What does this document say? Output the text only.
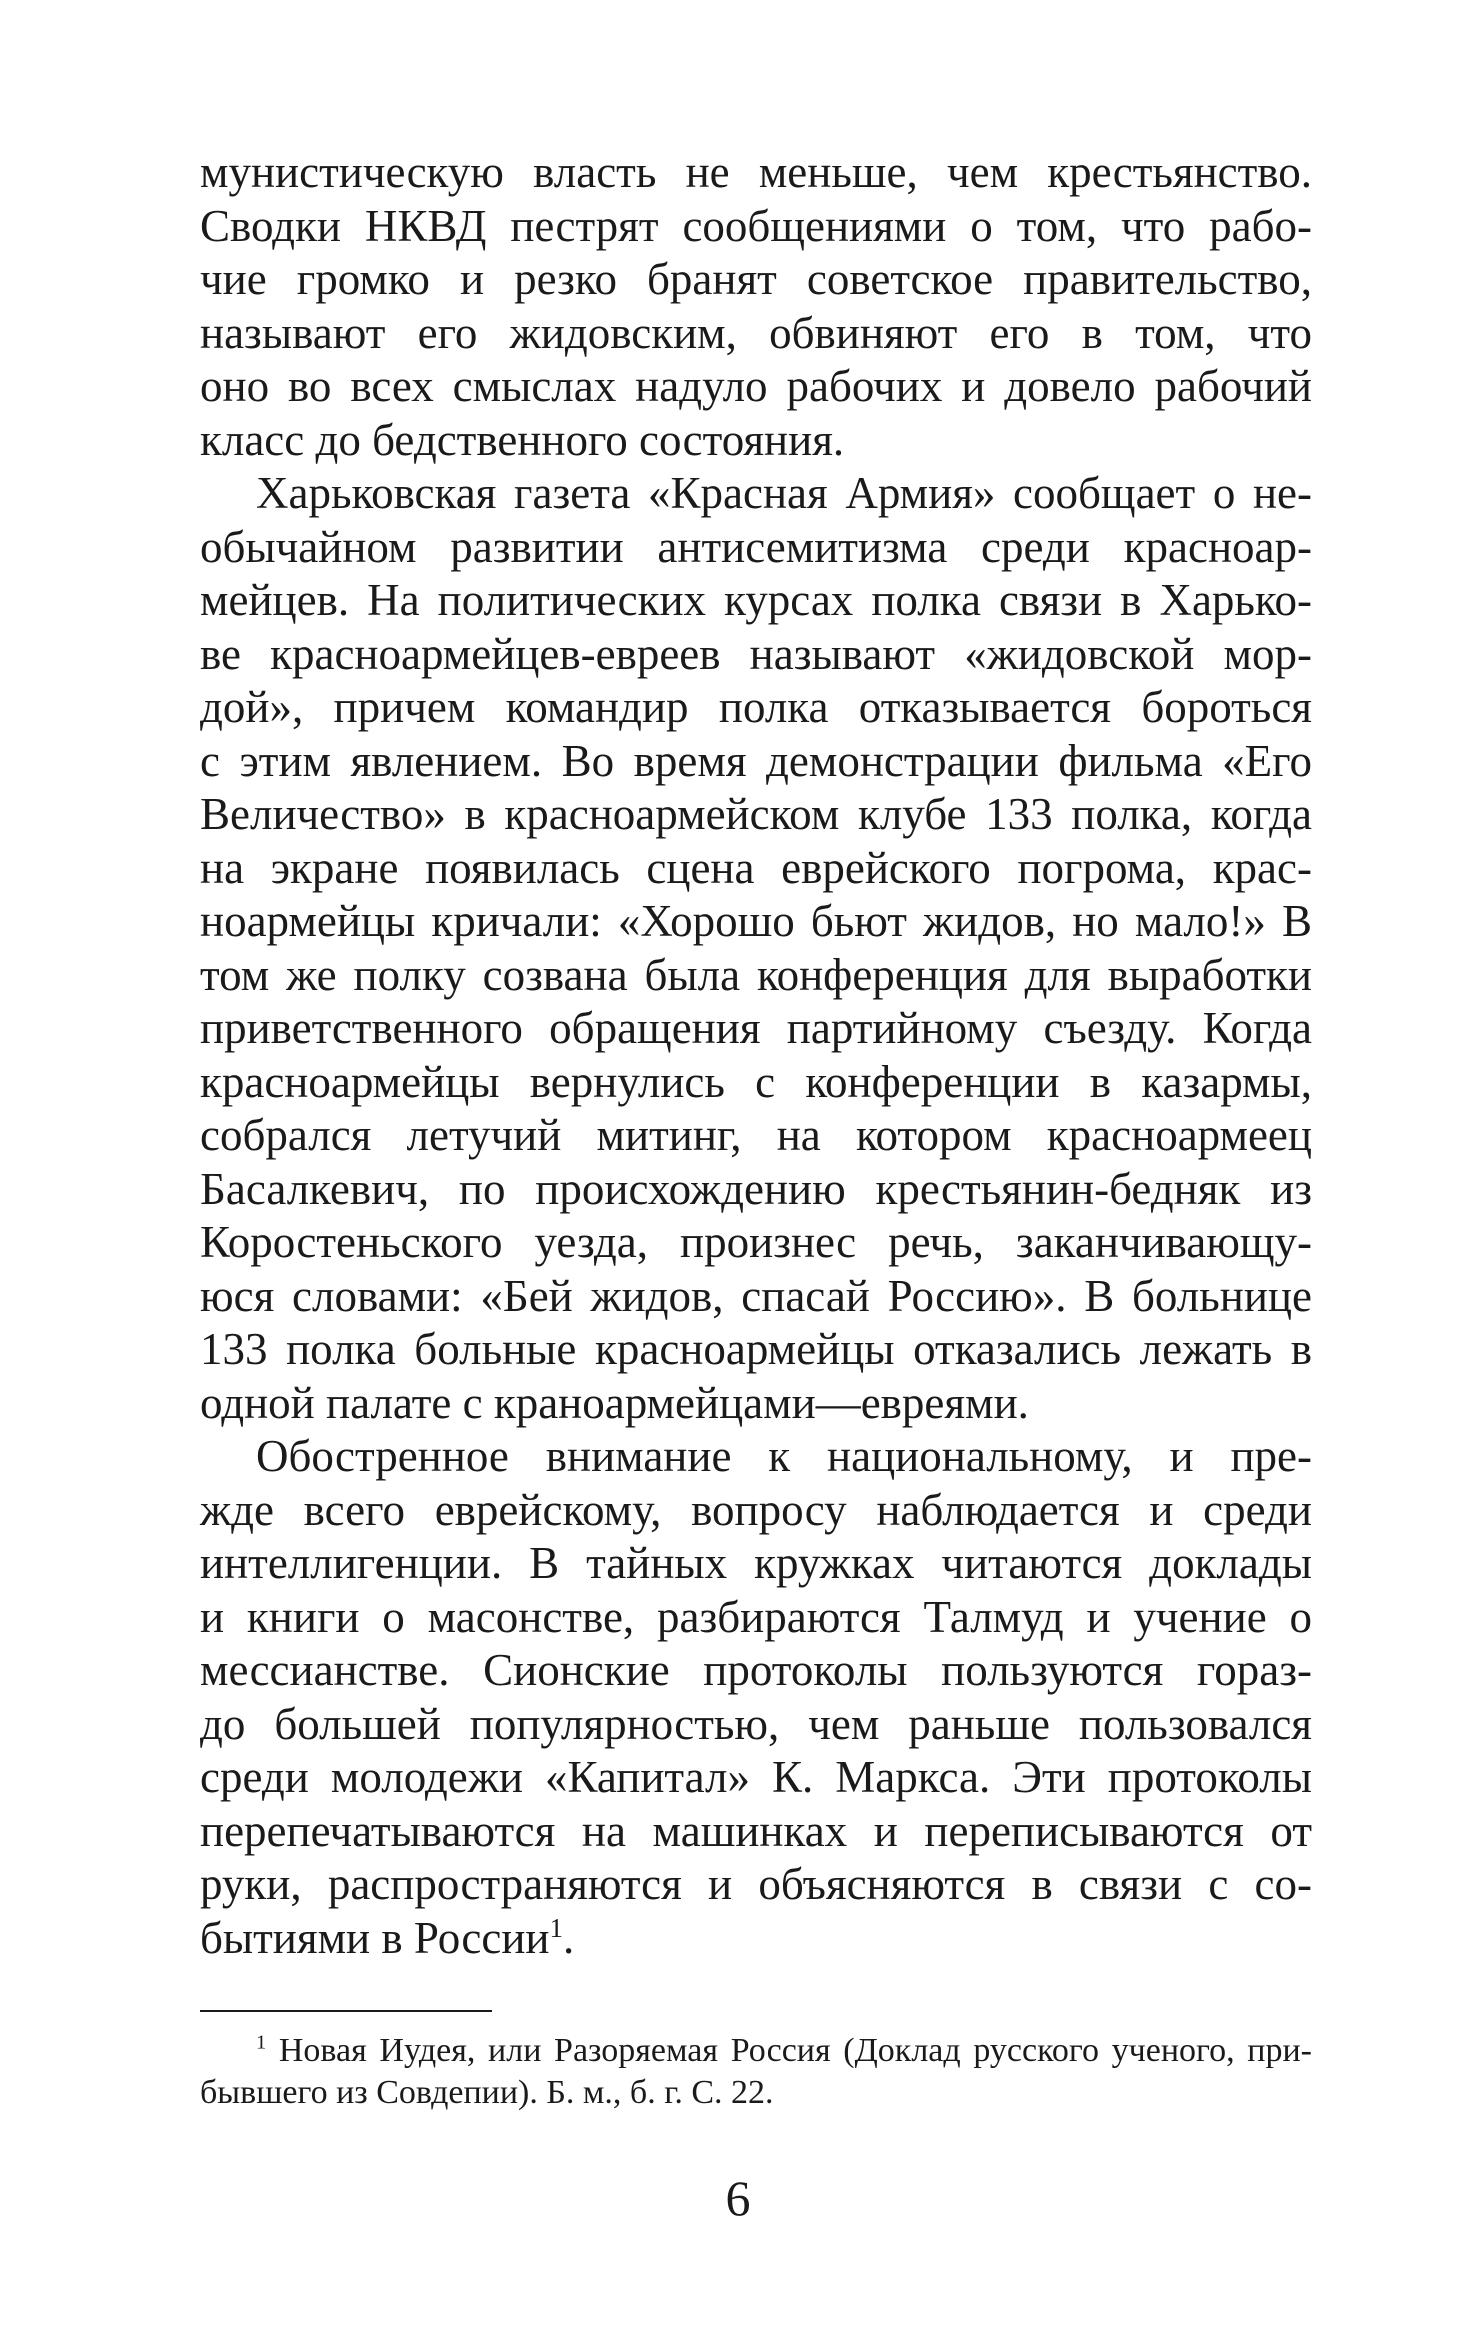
мунистическую власть не меньше, чем крестьянство.
Сводки НКВД пестрят сообщениями о том, что рабо-
чие громко и резко бранят советское правительство,
называют его жидовским, обвиняют его в том, что
оно во всех смыслах надуло рабочих и довело рабочий
класс до бедственного состояния.
Харьковская газета «Красная Армия» сообщает о не-
обычайном развитии антисемитизма среди красноар-
мейцев. На политических курсах полка связи в Харько-
ве красноармейцев-евреев называют «жидовской мор-
дой», причем командир полка отказывается бороться
с этим явлением. Во время демонстрации фильма «Его
Величество» в красноармейском клубе 133 полка, когда
на экране появилась сцена еврейского погрома, крас-
ноармейцы кричали: «Хорошо бьют жидов, но мало!» В
том же полку созвана была конференция для выработки
приветственного обращения партийному съезду. Когда
красноармейцы вернулись с конференции в казармы,
собрался летучий митинг, на котором красноармеец
Басалкевич, по происхождению крестьянин-бедняк из
Коростеньского уезда, произнес речь, заканчивающу-
юся словами: «Бей жидов, спасай Россию». В больнице
133 полка больные красноармейцы отказались лежать в
одной палате с краноармейцами—евреями.
Обостренное внимание к национальному, и пре-
жде всего еврейскому, вопросу наблюдается и среди
интеллигенции. В тайных кружках читаются доклады
и книги о масонстве, разбираются Талмуд и учение о
мессианстве. Сионские протоколы пользуются гораз-
до большей популярностью, чем раньше пользовался
среди молодежи «Капитал» К. Маркса. Эти протоколы
перепечатываются на машинках и переписываются от
руки, распространяются и объясняются в связи с со-
бытиями в России$^1$.
$^1$ Новая Иудея, или Разоряемая Россия (Доклад русского ученого, при-
бывшего из Совдепии). Б. м., б. г. С. 22.
6
